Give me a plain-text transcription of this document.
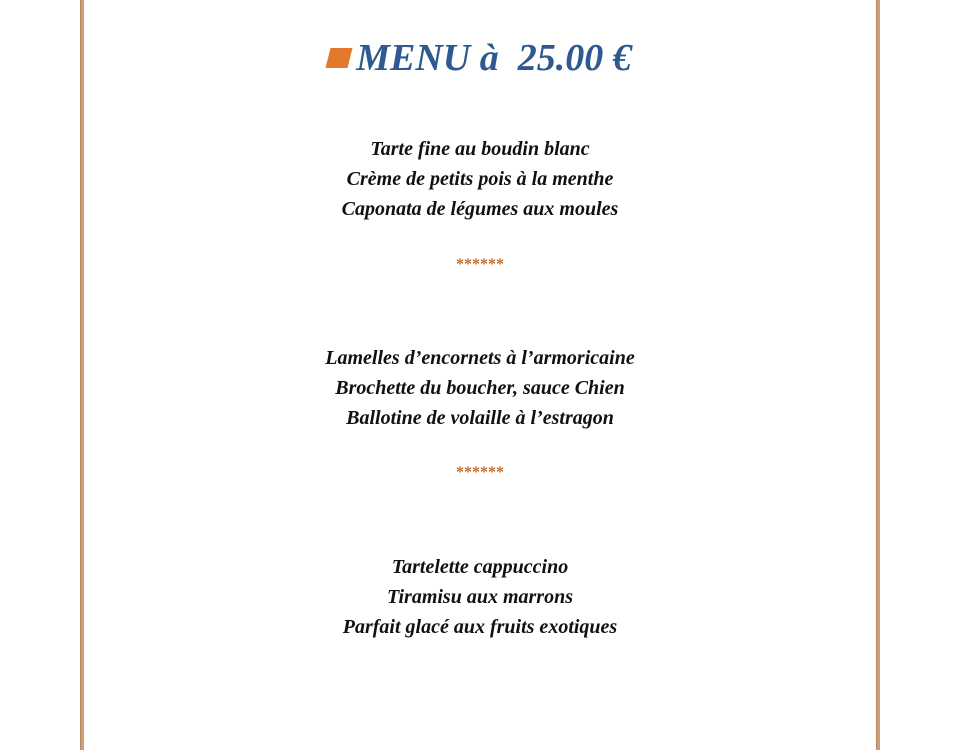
MENU à  25.00 €
Tarte fine au boudin blanc
Crème de petits pois à la menthe
Caponata de légumes aux moules
******
Lamelles d’encornets à l’armoricaine
Brochette du boucher, sauce Chien
Ballotine de volaille à l’estragon
******
Tartelette cappuccino
Tiramisu aux marrons
Parfait glacé aux fruits exotiques
